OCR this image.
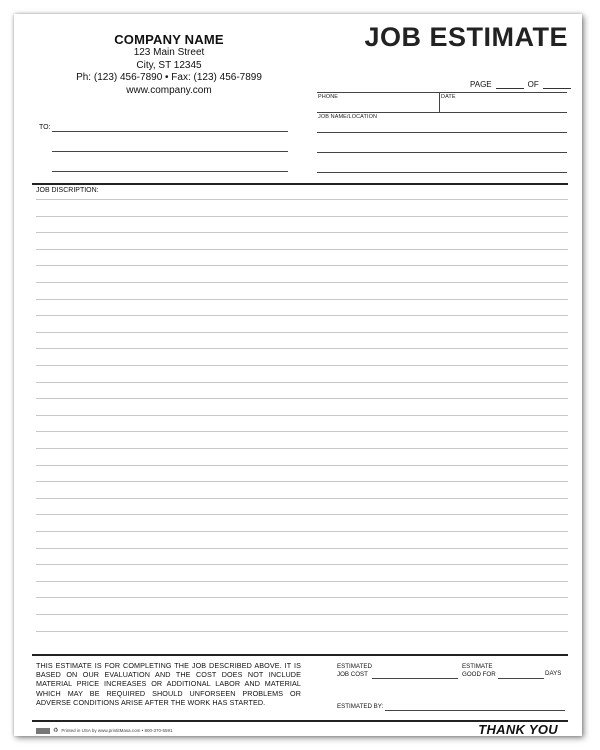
COMPANY NAME
123 Main Street
City, ST 12345
Ph: (123) 456-7890 • Fax: (123) 456-7899
www.company.com
JOB ESTIMATE
PAGE	OF
PHONE	DATE
JOB NAME/LOCATION
TO:
JOB DISCRIPTION:
THIS ESTIMATE IS FOR COMPLETING THE JOB DESCRIBED ABOVE. IT IS BASED ON OUR EVALUATION AND THE COST DOES NOT INCLUDE MATERIAL PRICE INCREASES OR ADDITIONAL LABOR AND MATERIAL WHICH MAY BE REQUIRED SHOULD UNFORSEEN PROBLEMS OR ADVERSE CONDITIONS ARISE AFTER THE WORK HAS STARTED.
ESTIMATED
JOB COST
ESTIMATE
GOOD FOR	DAYS
ESTIMATED BY:
♻ Printed in USA by www.printitMasa.com • 800-370-5591	THANK YOU
